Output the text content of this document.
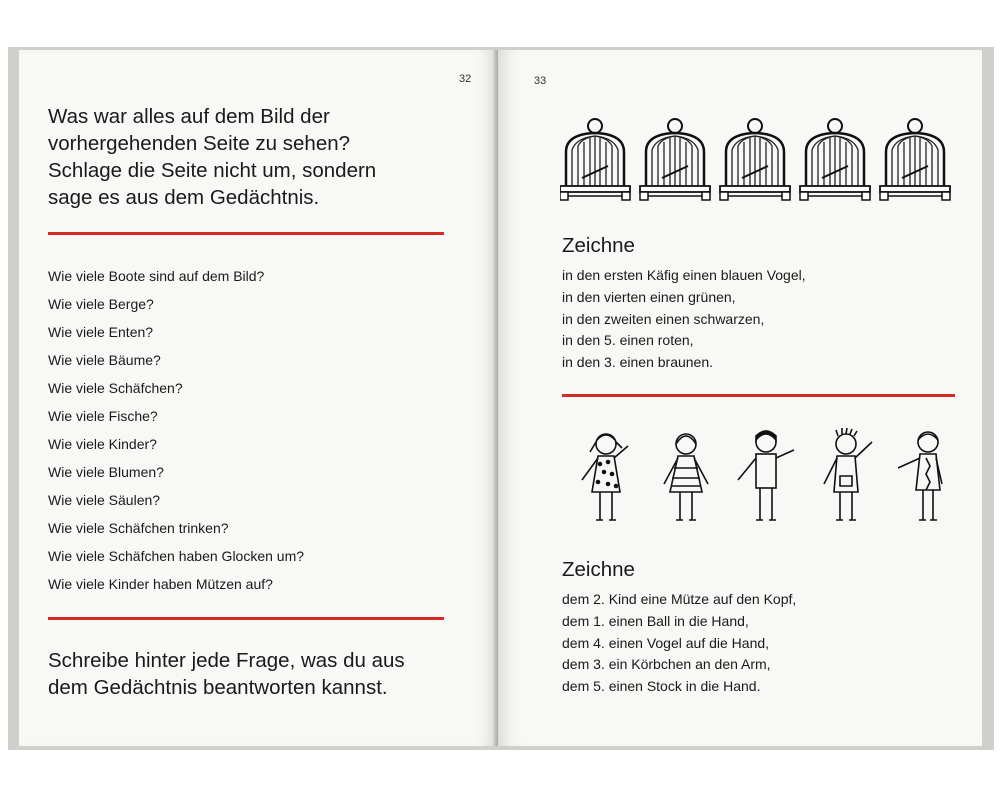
32
Was war alles auf dem Bild der
vorhergehenden Seite zu sehen?
Schlage die Seite nicht um, sondern
sage es aus dem Gedächtnis.
Wie viele Boote sind auf dem Bild?
Wie viele Berge?
Wie viele Enten?
Wie viele Bäume?
Wie viele Schäfchen?
Wie viele Fische?
Wie viele Kinder?
Wie viele Blumen?
Wie viele Säulen?
Wie viele Schäfchen trinken?
Wie viele Schäfchen haben Glocken um?
Wie viele Kinder haben Mützen auf?
Schreibe hinter jede Frage, was du aus
dem Gedächtnis beantworten kannst.
33
Zeichne
in den ersten Käfig einen blauen Vogel,
in den vierten einen grünen,
in den zweiten einen schwarzen,
in den 5. einen roten,
in den 3. einen braunen.
Zeichne
dem 2. Kind eine Mütze auf den Kopf,
dem 1. einen Ball in die Hand,
dem 4. einen Vogel auf die Hand,
dem 3. ein Körbchen an den Arm,
dem 5. einen Stock in die Hand.
